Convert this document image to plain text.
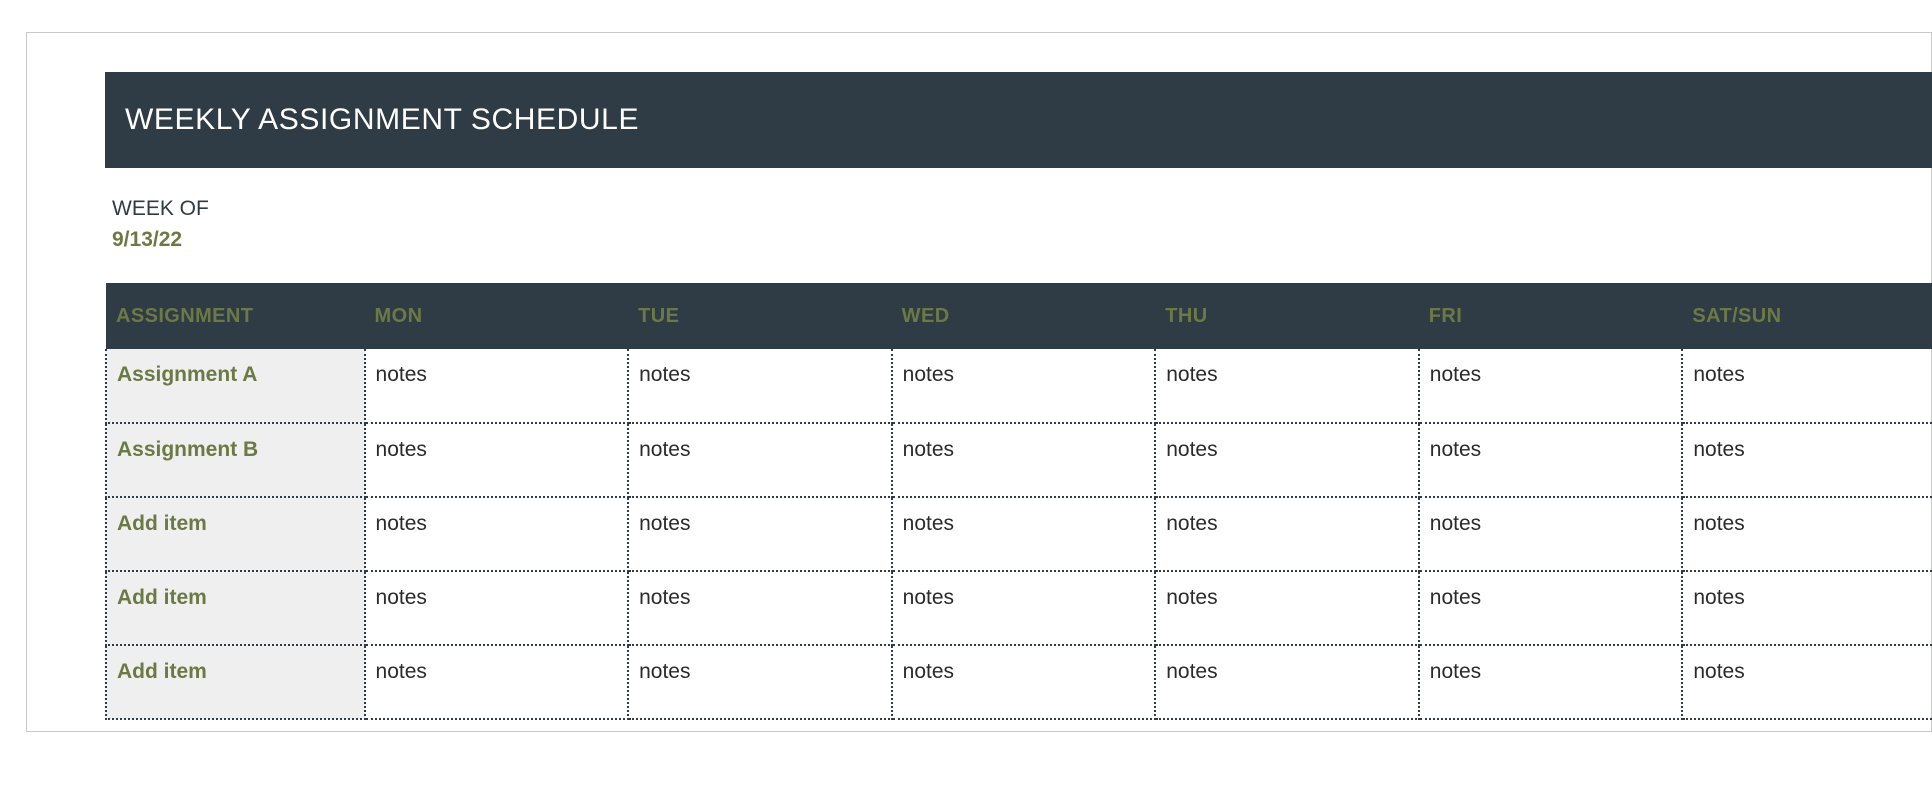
WEEKLY ASSIGNMENT SCHEDULE
WEEK OF
9/13/22
ASSIGNMENT	MON	TUE	WED	THU	FRI	SAT/SUN
Assignment A	notes	notes	notes	notes	notes	notes
Assignment B	notes	notes	notes	notes	notes	notes
Add item	notes	notes	notes	notes	notes	notes
Add item	notes	notes	notes	notes	notes	notes
Add item	notes	notes	notes	notes	notes	notes
